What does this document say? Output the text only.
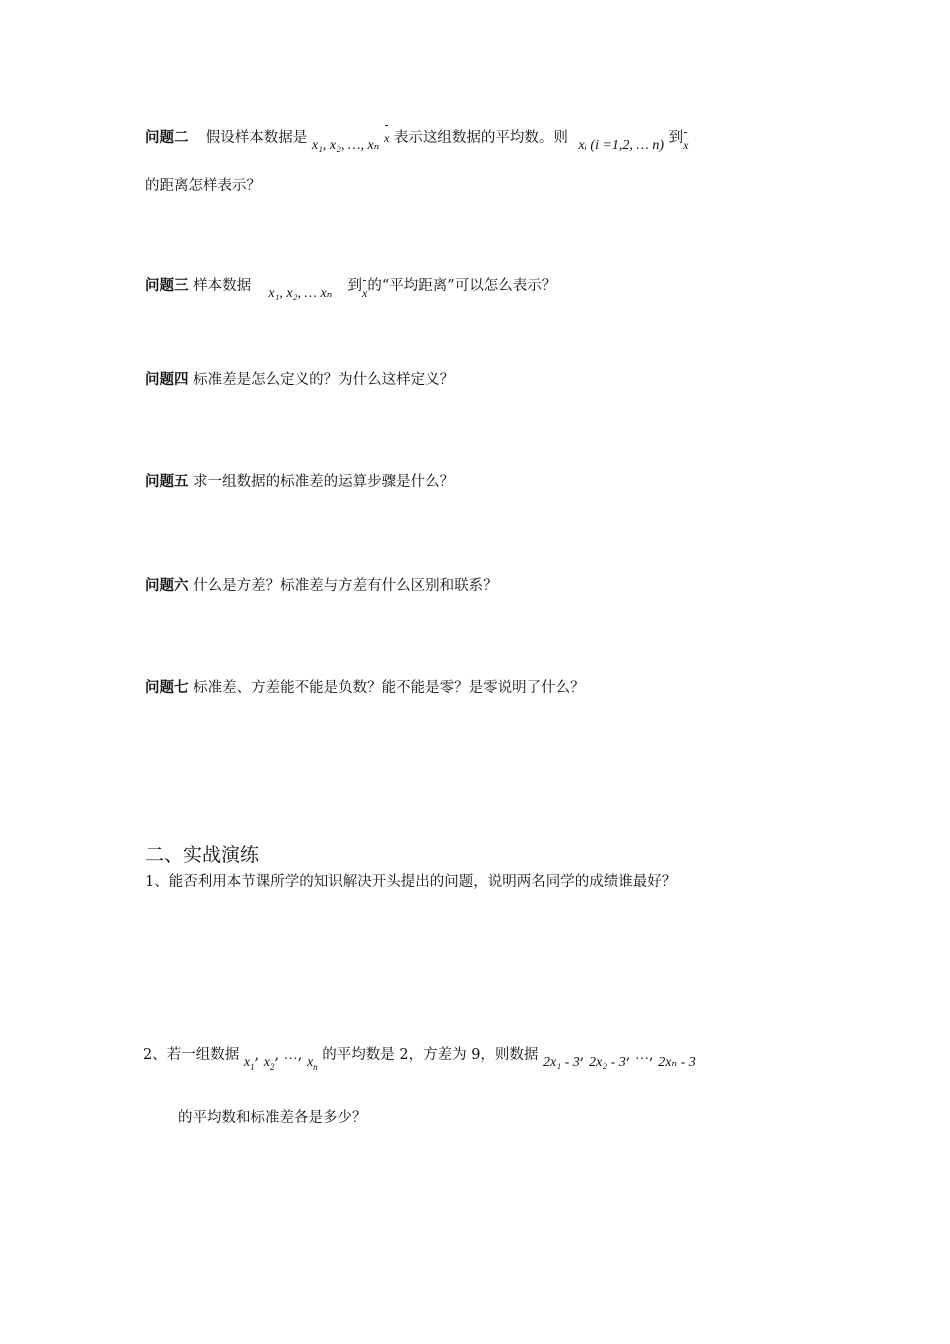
问题二 假设样本数据是 x₁, x₂, …, xₙ x 表示这组数据的平均数。则 xᵢ (i =1,2, … n) 到x
的距离怎样表示？
问题三 样本数据 x₁, x₂, … xₙ 到x的“平均距离”可以怎么表示？
问题四 标准差是怎么定义的？为什么这样定义？
问题五 求一组数据的标准差的运算步骤是什么？
问题六 什么是方差？标准差与方差有什么区别和联系？
问题七 标准差、方差能不能是负数？能不能是零？是零说明了什么？
二、实战演练
1、能否利用本节课所学的知识解决开头提出的问题，说明两名同学的成绩谁最好？
2、若一组数据 $x_1$, $x_2$, …, $x_n$ 的平均数是 2，方差为 9，则数据 2x₁ - 3, 2x₂ - 3, …, 2xₙ - 3
的平均数和标准差各是多少？
